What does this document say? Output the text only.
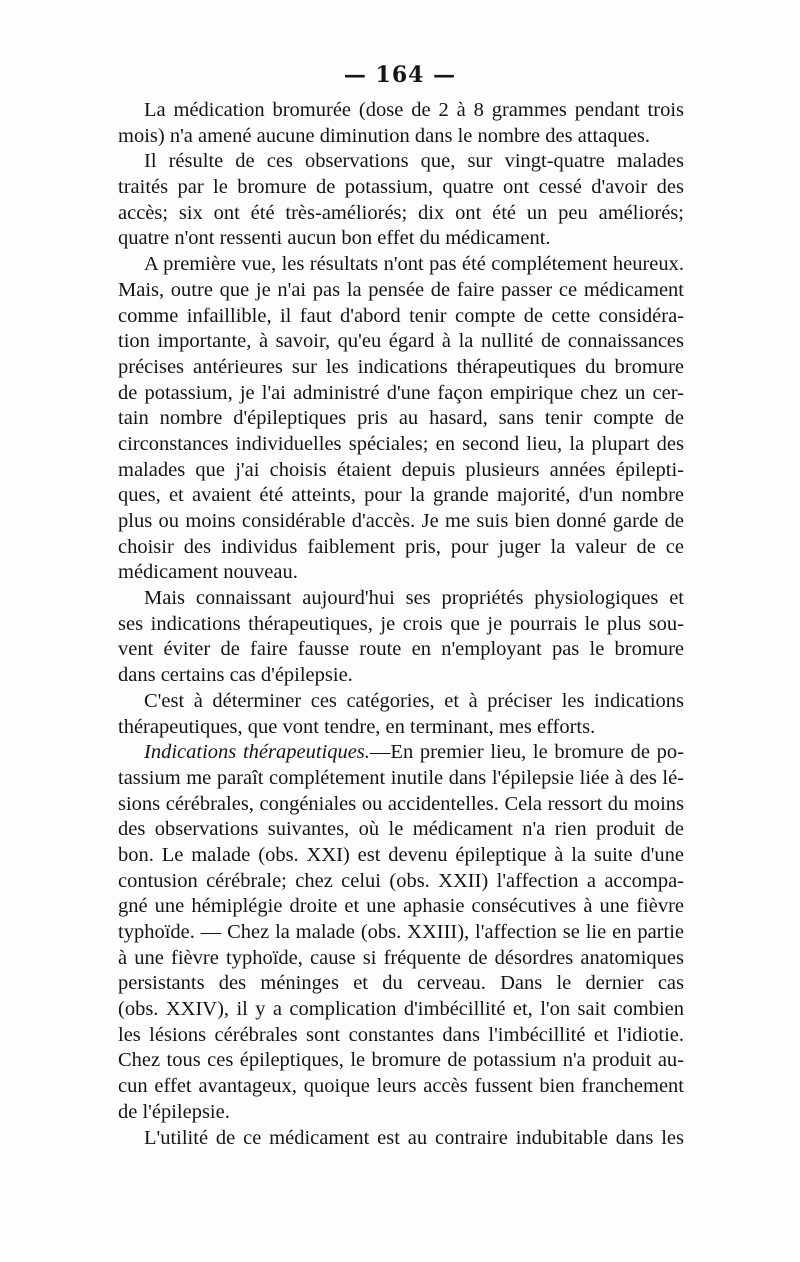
— 164 —
La médication bromurée (dose de 2 à 8 grammes pendant trois
mois) n'a amené aucune diminution dans le nombre des attaques.
Il résulte de ces observations que, sur vingt-quatre malades
traités par le bromure de potassium, quatre ont cessé d'avoir des
accès; six ont été très-améliorés; dix ont été un peu améliorés;
quatre n'ont ressenti aucun bon effet du médicament.
A première vue, les résultats n'ont pas été complétement heureux.
Mais, outre que je n'ai pas la pensée de faire passer ce médicament
comme infaillible, il faut d'abord tenir compte de cette considéra-
tion importante, à savoir, qu'eu égard à la nullité de connaissances
précises antérieures sur les indications thérapeutiques du bromure
de potassium, je l'ai administré d'une façon empirique chez un cer-
tain nombre d'épileptiques pris au hasard, sans tenir compte de
circonstances individuelles spéciales; en second lieu, la plupart des
malades que j'ai choisis étaient depuis plusieurs années épilepti-
ques, et avaient été atteints, pour la grande majorité, d'un nombre
plus ou moins considérable d'accès. Je me suis bien donné garde de
choisir des individus faiblement pris, pour juger la valeur de ce
médicament nouveau.
Mais connaissant aujourd'hui ses propriétés physiologiques et
ses indications thérapeutiques, je crois que je pourrais le plus sou-
vent éviter de faire fausse route en n'employant pas le bromure
dans certains cas d'épilepsie.
C'est à déterminer ces catégories, et à préciser les indications
thérapeutiques, que vont tendre, en terminant, mes efforts.
Indications thérapeutiques.—En premier lieu, le bromure de po-
tassium me paraît complétement inutile dans l'épilepsie liée à des lé-
sions cérébrales, congéniales ou accidentelles. Cela ressort du moins
des observations suivantes, où le médicament n'a rien produit de
bon. Le malade (obs. XXI) est devenu épileptique à la suite d'une
contusion cérébrale; chez celui (obs. XXII) l'affection a accompa-
gné une hémiplégie droite et une aphasie consécutives à une fièvre
typhoïde. — Chez la malade (obs. XXIII), l'affection se lie en partie
à une fièvre typhoïde, cause si fréquente de désordres anatomiques
persistants des méninges et du cerveau. Dans le dernier cas
(obs. XXIV), il y a complication d'imbécillité et, l'on sait combien
les lésions cérébrales sont constantes dans l'imbécillité et l'idiotie.
Chez tous ces épileptiques, le bromure de potassium n'a produit au-
cun effet avantageux, quoique leurs accès fussent bien franchement
de l'épilepsie.
L'utilité de ce médicament est au contraire indubitable dans les
